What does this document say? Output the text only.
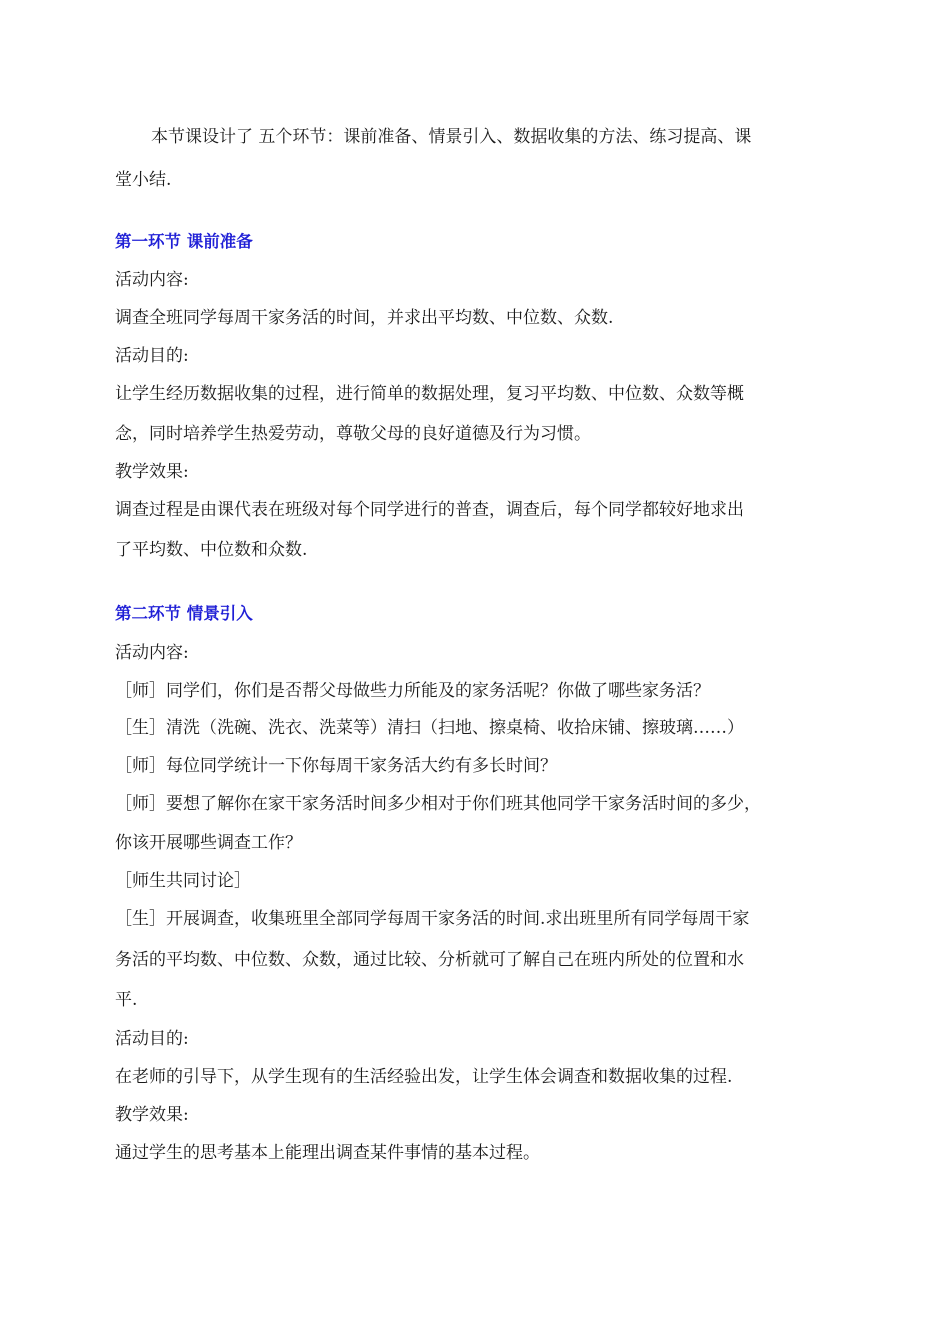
本节课设计了 五个环节：课前准备、情景引入、数据收集的方法、练习提高、课
堂小结.
第一环节 课前准备
活动内容:
调查全班同学每周干家务活的时间，并求出平均数、中位数、众数.
活动目的:
让学生经历数据收集的过程，进行简单的数据处理，复习平均数、中位数、众数等概
念，同时培养学生热爱劳动，尊敬父母的良好道德及行为习惯。
教学效果:
调查过程是由课代表在班级对每个同学进行的普查，调查后，每个同学都较好地求出
了平均数、中位数和众数.
第二环节 情景引入
活动内容:
［师］同学们，你们是否帮父母做些力所能及的家务活呢？你做了哪些家务活？
［生］清洗（洗碗、洗衣、洗菜等）清扫（扫地、擦桌椅、收拾床铺、擦玻璃……）
［师］每位同学统计一下你每周干家务活大约有多长时间？
［师］要想了解你在家干家务活时间多少相对于你们班其他同学干家务活时间的多少，
你该开展哪些调查工作？
［师生共同讨论］
［生］开展调查，收集班里全部同学每周干家务活的时间.求出班里所有同学每周干家
务活的平均数、中位数、众数，通过比较、分析就可了解自己在班内所处的位置和水
平.
活动目的:
在老师的引导下，从学生现有的生活经验出发，让学生体会调查和数据收集的过程.
教学效果:
通过学生的思考基本上能理出调查某件事情的基本过程。
